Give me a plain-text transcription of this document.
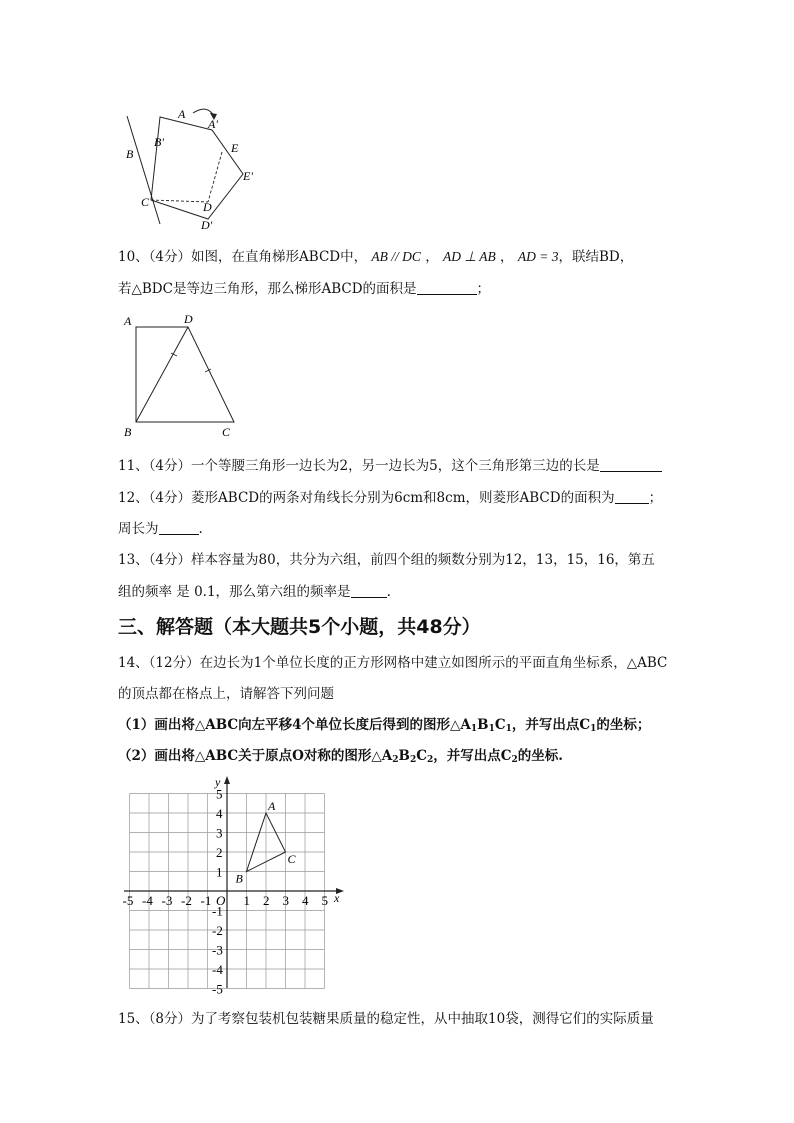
A
A'
B
B'	E
E'
C	D
D'
10、（4分）如图，在直角梯形ABCD中， AB // DC ， AD ⊥ AB ， AD = 3，联结BD，
若△BDC是等边三角形，那么梯形ABCD的面积是	；
A	D
B	C
11、（4分）一个等腰三角形一边长为2，另一边长为5，这个三角形第三边的长是
12、（4分）菱形ABCD的两条对角线长分别为6cm和8cm，则菱形ABCD的面积为	；
周长为	.
13、（4分）样本容量为80，共分为六组，前四个组的频数分别为12，13，15，16，第五
组的频率 是 0.1，那么第六组的频率是	.
三、解答题（本大题共5个小题，共48分）
14、（12分）在边长为1个单位长度的正方形网格中建立如图所示的平面直角坐标系，△ABC
的顶点都在格点上，请解答下列问题
（1）画出将△ABC向左平移4个单位长度后得到的图形$\triangle A_1B_1C_1$，并写出点$C_1$的坐标；
（2）画出将△ABC关于原点O对称的图形$\triangle A_2B_2C_2$，并写出点$C_2$的坐标.
x
y
O
-5 -4 -3 -2 -1 1 2 3 4 5
5
4
3
2
1
-1
-2
-3
-4
-5
A
B
C
15、（8分）为了考察包装机包装糖果质量的稳定性，从中抽取10袋，测得它们的实际质量
